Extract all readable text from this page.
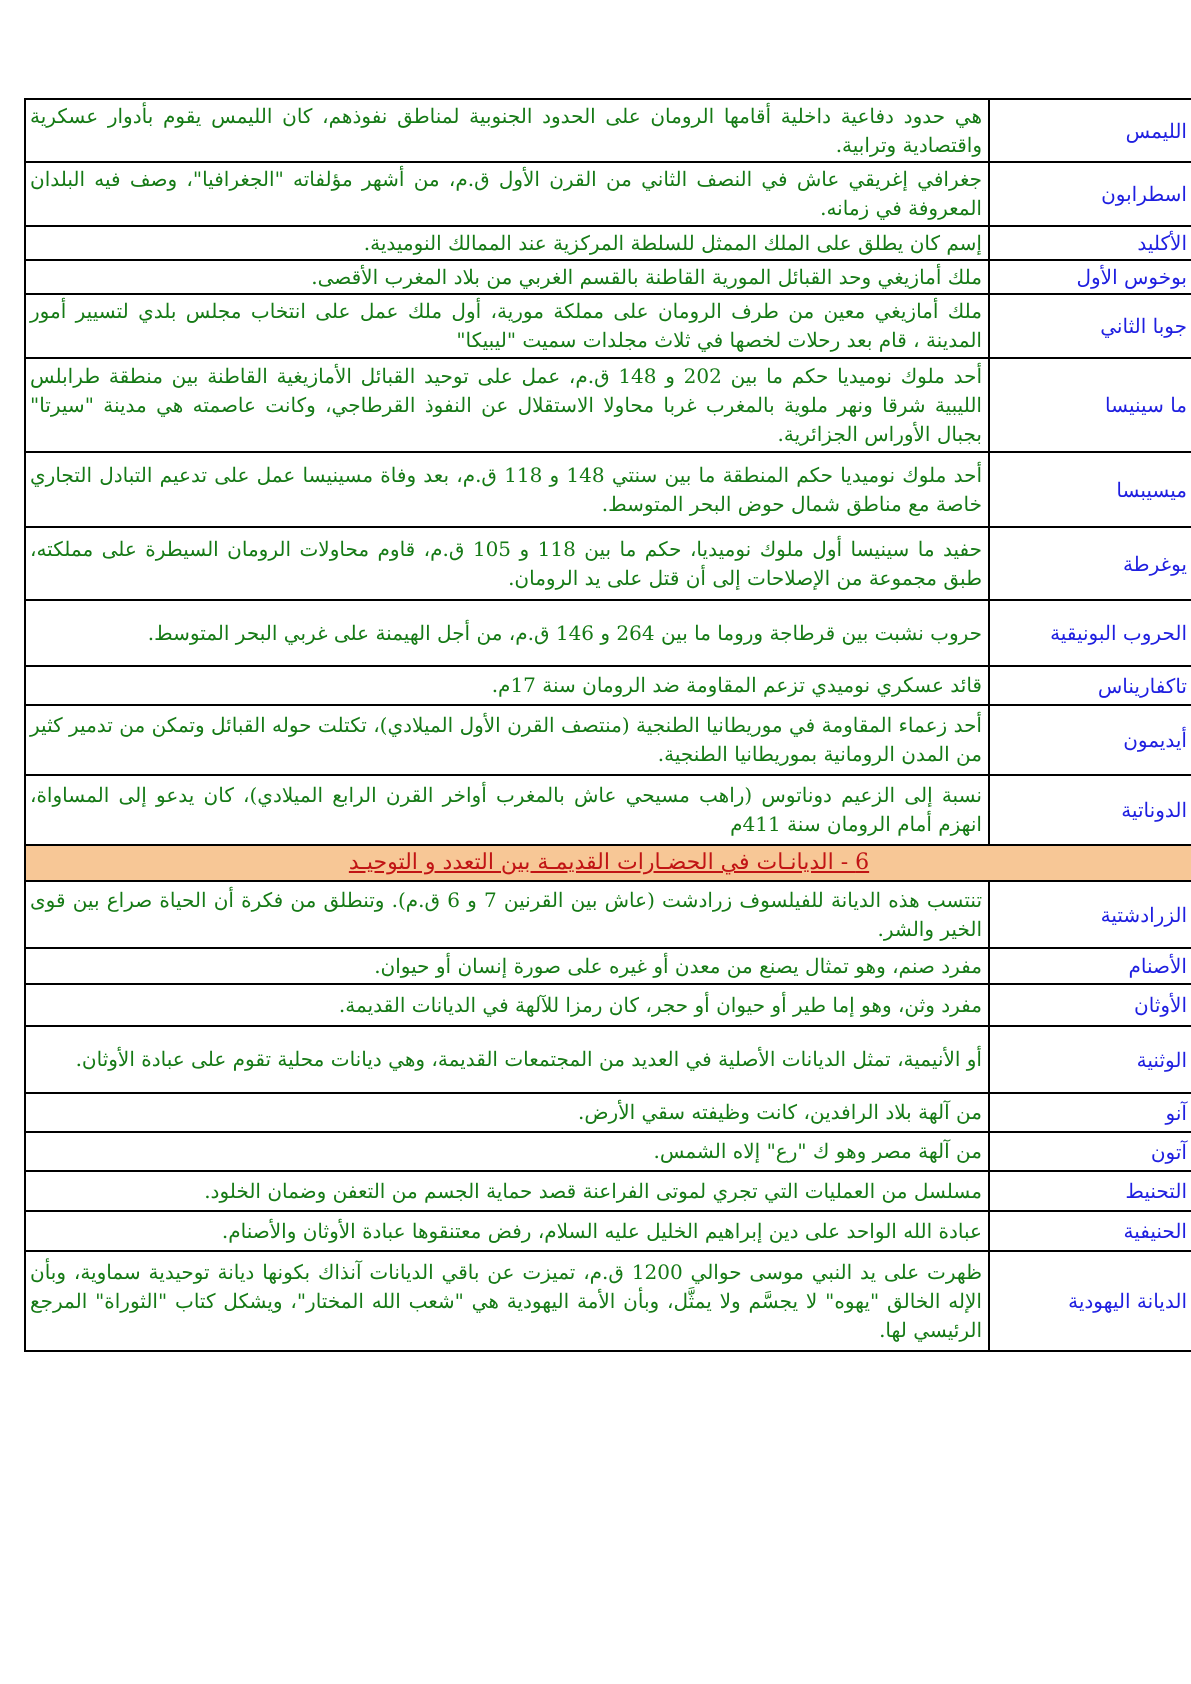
الليمس	هي حدود دفاعية داخلية أقامها الرومان على الحدود الجنوبية لمناطق نفوذهم، كان الليمس يقوم بأدوار عسكرية واقتصادية وترابية.
اسطرابون	جغرافي إغريقي عاش في النصف الثاني من القرن الأول ق.م، من أشهر مؤلفاته "الجغرافيا"، وصف فيه البلدان المعروفة في زمانه.
الأكليد	إسم كان يطلق على الملك الممثل للسلطة المركزية عند الممالك النوميدية.
بوخوس الأول	ملك أمازيغي وحد القبائل المورية القاطنة بالقسم الغربي من بلاد المغرب الأقصى.
جوبا الثاني	ملك أمازيغي معين من طرف الرومان على مملكة مورية، أول ملك عمل على انتخاب مجلس بلدي لتسيير أمور المدينة ، قام بعد رحلات لخصها في ثلاث مجلدات سميت "ليبيكا"
ما سينيسا	أحد ملوك نوميديا حكم ما بين 202 و 148 ق.م، عمل على توحيد القبائل الأمازيغية القاطنة بين منطقة طرابلس الليبية شرقا ونهر ملوية بالمغرب غربا محاولا الاستقلال عن النفوذ القرطاجي، وكانت عاصمته هي مدينة "سيرتا" بجبال الأوراس الجزائرية.
ميسيبسا	أحد ملوك نوميديا حكم المنطقة ما بين سنتي 148 و 118 ق.م، بعد وفاة مسينيسا عمل على تدعيم التبادل التجاري خاصة مع مناطق شمال حوض البحر المتوسط.
يوغرطة	حفيد ما سينيسا أول ملوك نوميديا، حكم ما بين 118 و 105 ق.م، قاوم محاولات الرومان السيطرة على مملكته، طبق مجموعة من الإصلاحات إلى أن قتل على يد الرومان.
الحروب البونيقية	حروب نشبت بين قرطاجة وروما ما بين 264 و 146 ق.م، من أجل الهيمنة على غربي البحر المتوسط.
تاكفاريناس	قائد عسكري نوميدي تزعم المقاومة ضد الرومان سنة 17م.
أيديمون	أحد زعماء المقاومة في موريطانيا الطنجية (منتصف القرن الأول الميلادي)، تكتلت حوله القبائل وتمكن من تدمير كثير من المدن الرومانية بموريطانيا الطنجية.
الدوناتية	نسبة إلى الزعيم دوناتوس (راهب مسيحي عاش بالمغرب أواخر القرن الرابع الميلادي)، كان يدعو إلى المساواة، انهزم أمام الرومان سنة 411م
6 - الديانـات في الحضـارات القديمـة بين التعدد و التوحيـد	
الزرادشتية	تنتسب هذه الديانة للفيلسوف زرادشت (عاش بين القرنين 7 و 6 ق.م). وتنطلق من فكرة أن الحياة صراع بين قوى الخير والشر.
الأصنام	مفرد صنم، وهو تمثال يصنع من معدن أو غيره على صورة إنسان أو حيوان.
الأوثان	مفرد وثن، وهو إما طير أو حيوان أو حجر، كان رمزا للآلهة في الديانات القديمة.
الوثنية	أو الأنيمية، تمثل الديانات الأصلية في العديد من المجتمعات القديمة، وهي ديانات محلية تقوم على عبادة الأوثان.
آنو	من آلهة بلاد الرافدين، كانت وظيفته سقي الأرض.
آتون	من آلهة مصر وهو ك "رع" إلاه الشمس.
التحنيط	مسلسل من العمليات التي تجري لموتى الفراعنة قصد حماية الجسم من التعفن وضمان الخلود.
الحنيفية	عبادة الله الواحد على دين إبراهيم الخليل عليه السلام، رفض معتنقوها عبادة الأوثان والأصنام.
الديانة اليهودية	ظهرت على يد النبي موسى حوالي 1200 ق.م، تميزت عن باقي الديانات آنذاك بكونها ديانة توحيدية سماوية، وبأن الإله الخالق "يهوه" لا يجسَّم ولا يمثَّل، وبأن الأمة اليهودية هي "شعب الله المختار"، ويشكل كتاب "الثوراة" المرجع الرئيسي لها.
